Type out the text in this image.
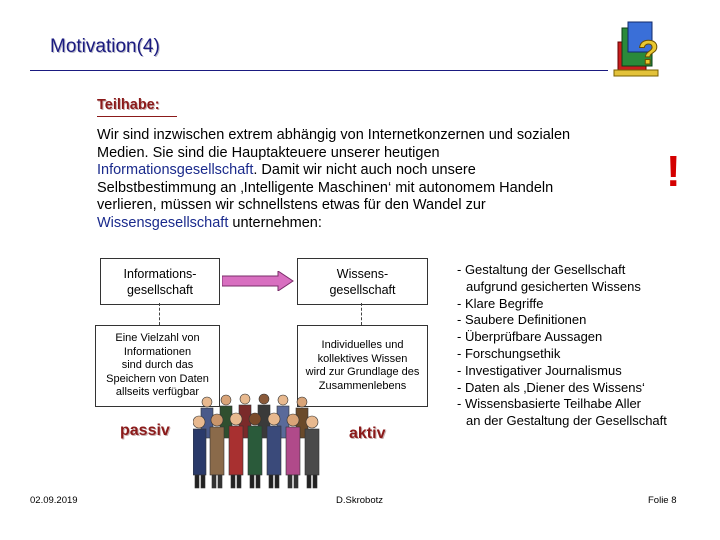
Motivation(4)	?
Teilhabe:
Wir sind inzwischen extrem abhängig von Internetkonzernen und sozialen
Medien. Sie sind die Hauptakteuere unserer heutigen
Informationsgesellschaft. Damit wir nicht auch noch unsere
Selbstbestimmung an ‚Intelligente Maschinen‘ mit autonomem Handeln
verlieren, müssen wir schnellstens etwas für den Wandel zur
Wissensgesellschaft unternehmen:
!
Informations-
gesellschaft
Wissens-
gesellschaft
Eine Vielzahl von
Informationen
sind durch das
Speichern von Daten
allseits verfügbar
Individuelles und
kollektives Wissen
wird zur Grundlage des
Zusammenlebens
passiv	aktiv
- Gestaltung der Gesellschaft
aufgrund gesicherten Wissens
- Klare Begriffe
- Saubere Definitionen
- Überprüfbare Aussagen
- Forschungsethik
- Investigativer Journalismus
- Daten als ‚Diener des Wissens‘
- Wissensbasierte Teilhabe Aller
an der Gestaltung der Gesellschaft
02.09.2019	D.Skrobotz	Folie 8
